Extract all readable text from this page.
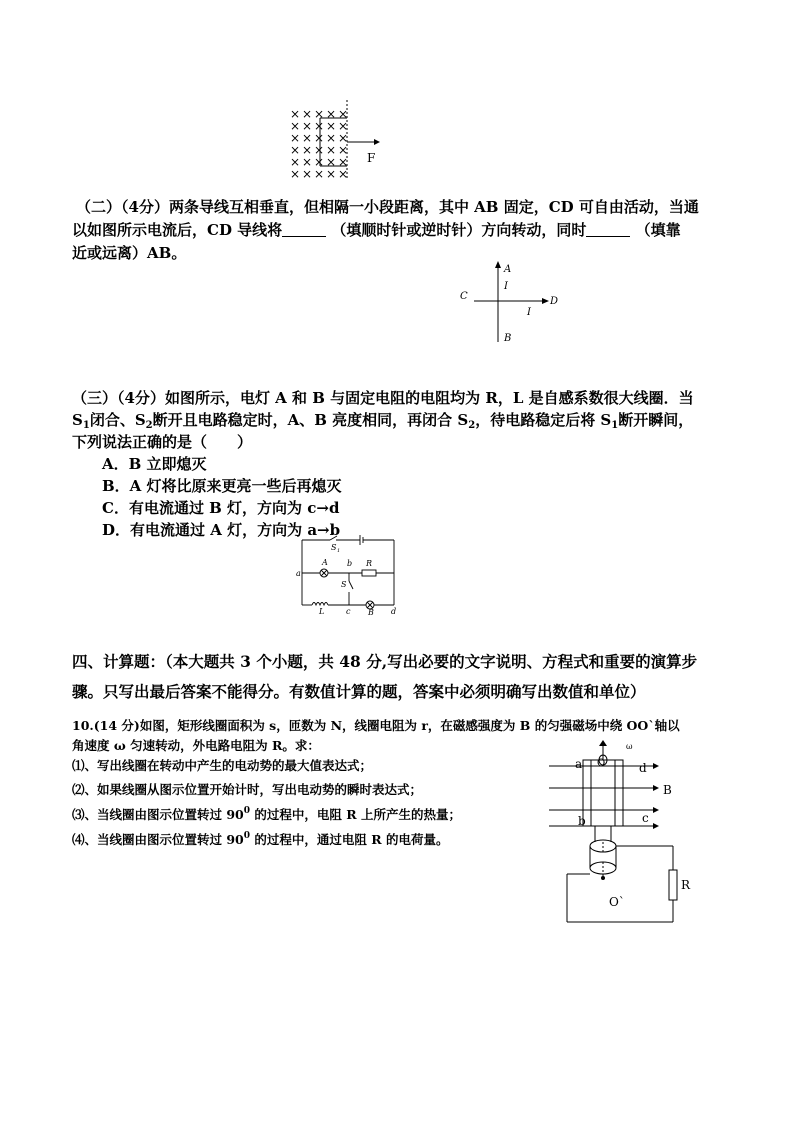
× × × × ×
× × × × ×
× × × × ×
× × × × ×
× × × × ×
× × × × ×
F
（二）（4分）两条导线互相垂直，但相隔一小段距离，其中 AB 固定，CD 可自由活动，当通
以如图所示电流后，CD 导线将	（填顺时针或逆时针）方向转动，同时	（填靠
近或远离）AB。
A
I
C	D
I
B
（三）（4分）如图所示，电灯 A 和 B 与固定电阻的电阻均为 R，L 是自感系数很大线圈．当
$S_1$闭合、$S_2$断开且电路稳定时，A、B 亮度相同，再闭合 $S_2$，待电路稳定后将 $S_1$断开瞬间，
下列说法正确的是（　　）
A．B 立即熄灭
B．A 灯将比原来更亮一些后再熄灭
C．有电流通过 B 灯，方向为 c→d
D．有电流通过 A 灯，方向为 a→b
S 1
A
a
b R
S
L	c B d
四、计算题：（本大题共 3 个小题，共 48 分,写出必要的文字说明、方程式和重要的演算步
骤。只写出最后答案不能得分。有数值计算的题，答案中必须明确写出数值和单位）
10.(14 分)如图，矩形线圈面积为 s，匝数为 N，线圈电阻为 r，在磁感强度为 B 的匀强磁场中绕 OO`轴以
角速度 ω 匀速转动，外电路电阻为 R。求：
⑴、写出线圈在转动中产生的电动势的最大值表达式；
⑵、如果线圈从图示位置开始计时，写出电动势的瞬时表达式；
⑶、当线圈由图示位置转过 $90^0$ 的过程中，电阻 R 上所产生的热量；
⑷、当线圈由图示位置转过 $90^0$ 的过程中，通过电阻 R 的电荷量。
a	d
B
b	c
O
ω
O`
R
